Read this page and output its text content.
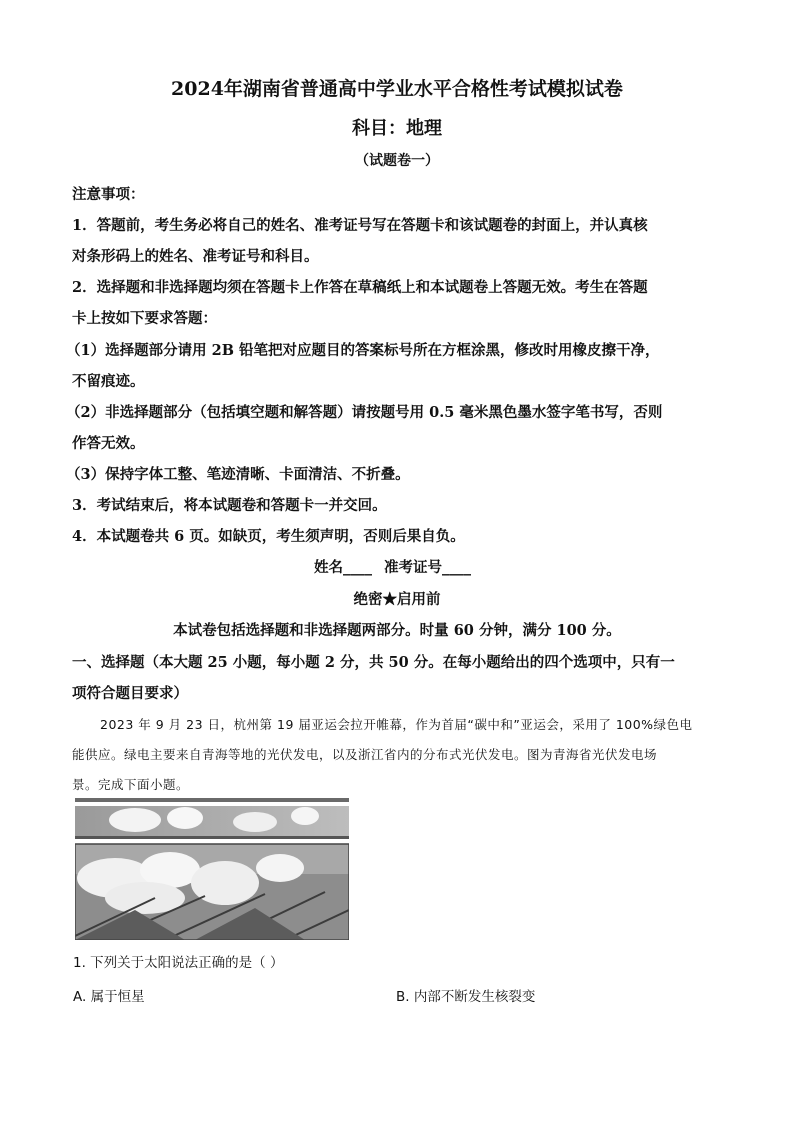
2024年湖南省普通高中学业水平合格性考试模拟试卷
科目：地理
（试题卷一）
注意事项：
1．答题前，考生务必将自己的姓名、准考证号写在答题卡和该试题卷的封面上，并认真核
对条形码上的姓名、准考证号和科目。
2．选择题和非选择题均须在答题卡上作答在草稿纸上和本试题卷上答题无效。考生在答题
卡上按如下要求答题：
（1）选择题部分请用 2B 铅笔把对应题目的答案标号所在方框涂黑，修改时用橡皮擦干净，
不留痕迹。
（2）非选择题部分（包括填空题和解答题）请按题号用 0.5 毫米黑色墨水签字笔书写，否则
作答无效。
（3）保持字体工整、笔迹清晰、卡面清洁、不折叠。
3．考试结束后，将本试题卷和答题卡一并交回。
4．本试题卷共 6 页。如缺页，考生须声明，否则后果自负。
姓名____ 准考证号____
绝密★启用前
本试卷包括选择题和非选择题两部分。时量 60 分钟，满分 100 分。
一、选择题（本大题 25 小题，每小题 2 分，共 50 分。在每小题给出的四个选项中，只有一
项符合题目要求）
2023 年 9 月 23 日，杭州第 19 届亚运会拉开帷幕，作为首届“碳中和”亚运会，采用了 100%绿色电
能供应。绿电主要来自青海等地的光伏发电，以及浙江省内的分布式光伏发电。图为青海省光伏发电场
景。完成下面小题。
1. 下列关于太阳说法正确的是（ ）
A. 属于恒星	B. 内部不断发生核裂变
